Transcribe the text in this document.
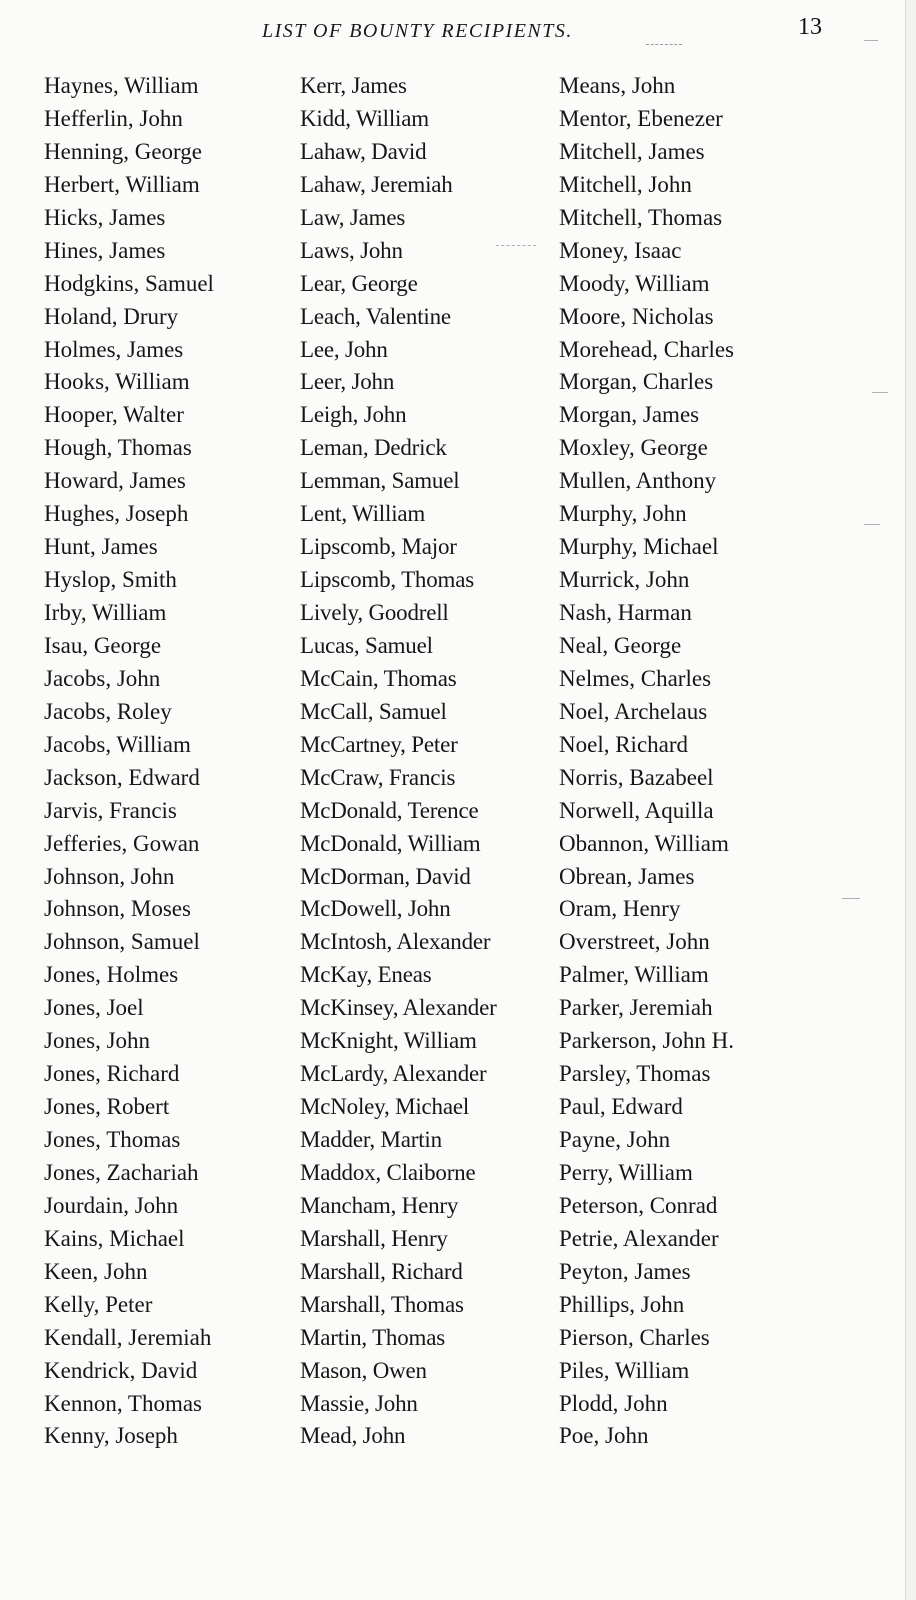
LIST OF BOUNTY RECIPIENTS.	13
Haynes, William
Hefferlin, John
Henning, George
Herbert, William
Hicks, James
Hines, James
Hodgkins, Samuel
Holand, Drury
Holmes, James
Hooks, William
Hooper, Walter
Hough, Thomas
Howard, James
Hughes, Joseph
Hunt, James
Hyslop, Smith
Irby, William
Isau, George
Jacobs, John
Jacobs, Roley
Jacobs, William
Jackson, Edward
Jarvis, Francis
Jefferies, Gowan
Johnson, John
Johnson, Moses
Johnson, Samuel
Jones, Holmes
Jones, Joel
Jones, John
Jones, Richard
Jones, Robert
Jones, Thomas
Jones, Zachariah
Jourdain, John
Kains, Michael
Keen, John
Kelly, Peter
Kendall, Jeremiah
Kendrick, David
Kennon, Thomas
Kenny, Joseph
Kerr, James
Kidd, William
Lahaw, David
Lahaw, Jeremiah
Law, James
Laws, John
Lear, George
Leach, Valentine
Lee, John
Leer, John
Leigh, John
Leman, Dedrick
Lemman, Samuel
Lent, William
Lipscomb, Major
Lipscomb, Thomas
Lively, Goodrell
Lucas, Samuel
McCain, Thomas
McCall, Samuel
McCartney, Peter
McCraw, Francis
McDonald, Terence
McDonald, William
McDorman, David
McDowell, John
McIntosh, Alexander
McKay, Eneas
McKinsey, Alexander
McKnight, William
McLardy, Alexander
McNoley, Michael
Madder, Martin
Maddox, Claiborne
Mancham, Henry
Marshall, Henry
Marshall, Richard
Marshall, Thomas
Martin, Thomas
Mason, Owen
Massie, John
Mead, John
Means, John
Mentor, Ebenezer
Mitchell, James
Mitchell, John
Mitchell, Thomas
Money, Isaac
Moody, William
Moore, Nicholas
Morehead, Charles
Morgan, Charles
Morgan, James
Moxley, George
Mullen, Anthony
Murphy, John
Murphy, Michael
Murrick, John
Nash, Harman
Neal, George
Nelmes, Charles
Noel, Archelaus
Noel, Richard
Norris, Bazabeel
Norwell, Aquilla
Obannon, William
Obrean, James
Oram, Henry
Overstreet, John
Palmer, William
Parker, Jeremiah
Parkerson, John H.
Parsley, Thomas
Paul, Edward
Payne, John
Perry, William
Peterson, Conrad
Petrie, Alexander
Peyton, James
Phillips, John
Pierson, Charles
Piles, William
Plodd, John
Poe, John
